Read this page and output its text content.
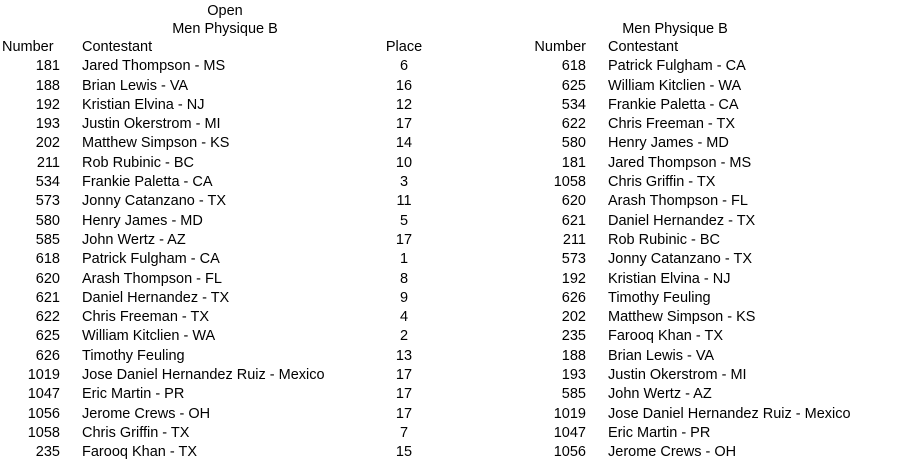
Open
Men Physique B
Number	Contestant	Place
181	Jared Thompson - MS	6
188	Brian Lewis - VA	16
192	Kristian Elvina - NJ	12
193	Justin Okerstrom - MI	17
202	Matthew Simpson - KS	14
211	Rob Rubinic - BC	10
534	Frankie Paletta - CA	3
573	Jonny Catanzano - TX	11
580	Henry James - MD	5
585	John Wertz - AZ	17
618	Patrick Fulgham - CA	1
620	Arash Thompson - FL	8
621	Daniel Hernandez - TX	9
622	Chris Freeman - TX	4
625	William Kitclien - WA	2
626	Timothy Feuling	13
1019	Jose Daniel Hernandez Ruiz - Mexico	17
1047	Eric Martin - PR	17
1056	Jerome Crews - OH	17
1058	Chris Griffin - TX	7
235	Farooq Khan - TX	15
Men Physique B
Number	Contestant
618	Patrick Fulgham - CA
625	William Kitclien - WA
534	Frankie Paletta - CA
622	Chris Freeman - TX
580	Henry James - MD
181	Jared Thompson - MS
1058	Chris Griffin - TX
620	Arash Thompson - FL
621	Daniel Hernandez - TX
211	Rob Rubinic - BC
573	Jonny Catanzano - TX
192	Kristian Elvina - NJ
626	Timothy Feuling
202	Matthew Simpson - KS
235	Farooq Khan - TX
188	Brian Lewis - VA
193	Justin Okerstrom - MI
585	John Wertz - AZ
1019	Jose Daniel Hernandez Ruiz - Mexico
1047	Eric Martin - PR
1056	Jerome Crews - OH
